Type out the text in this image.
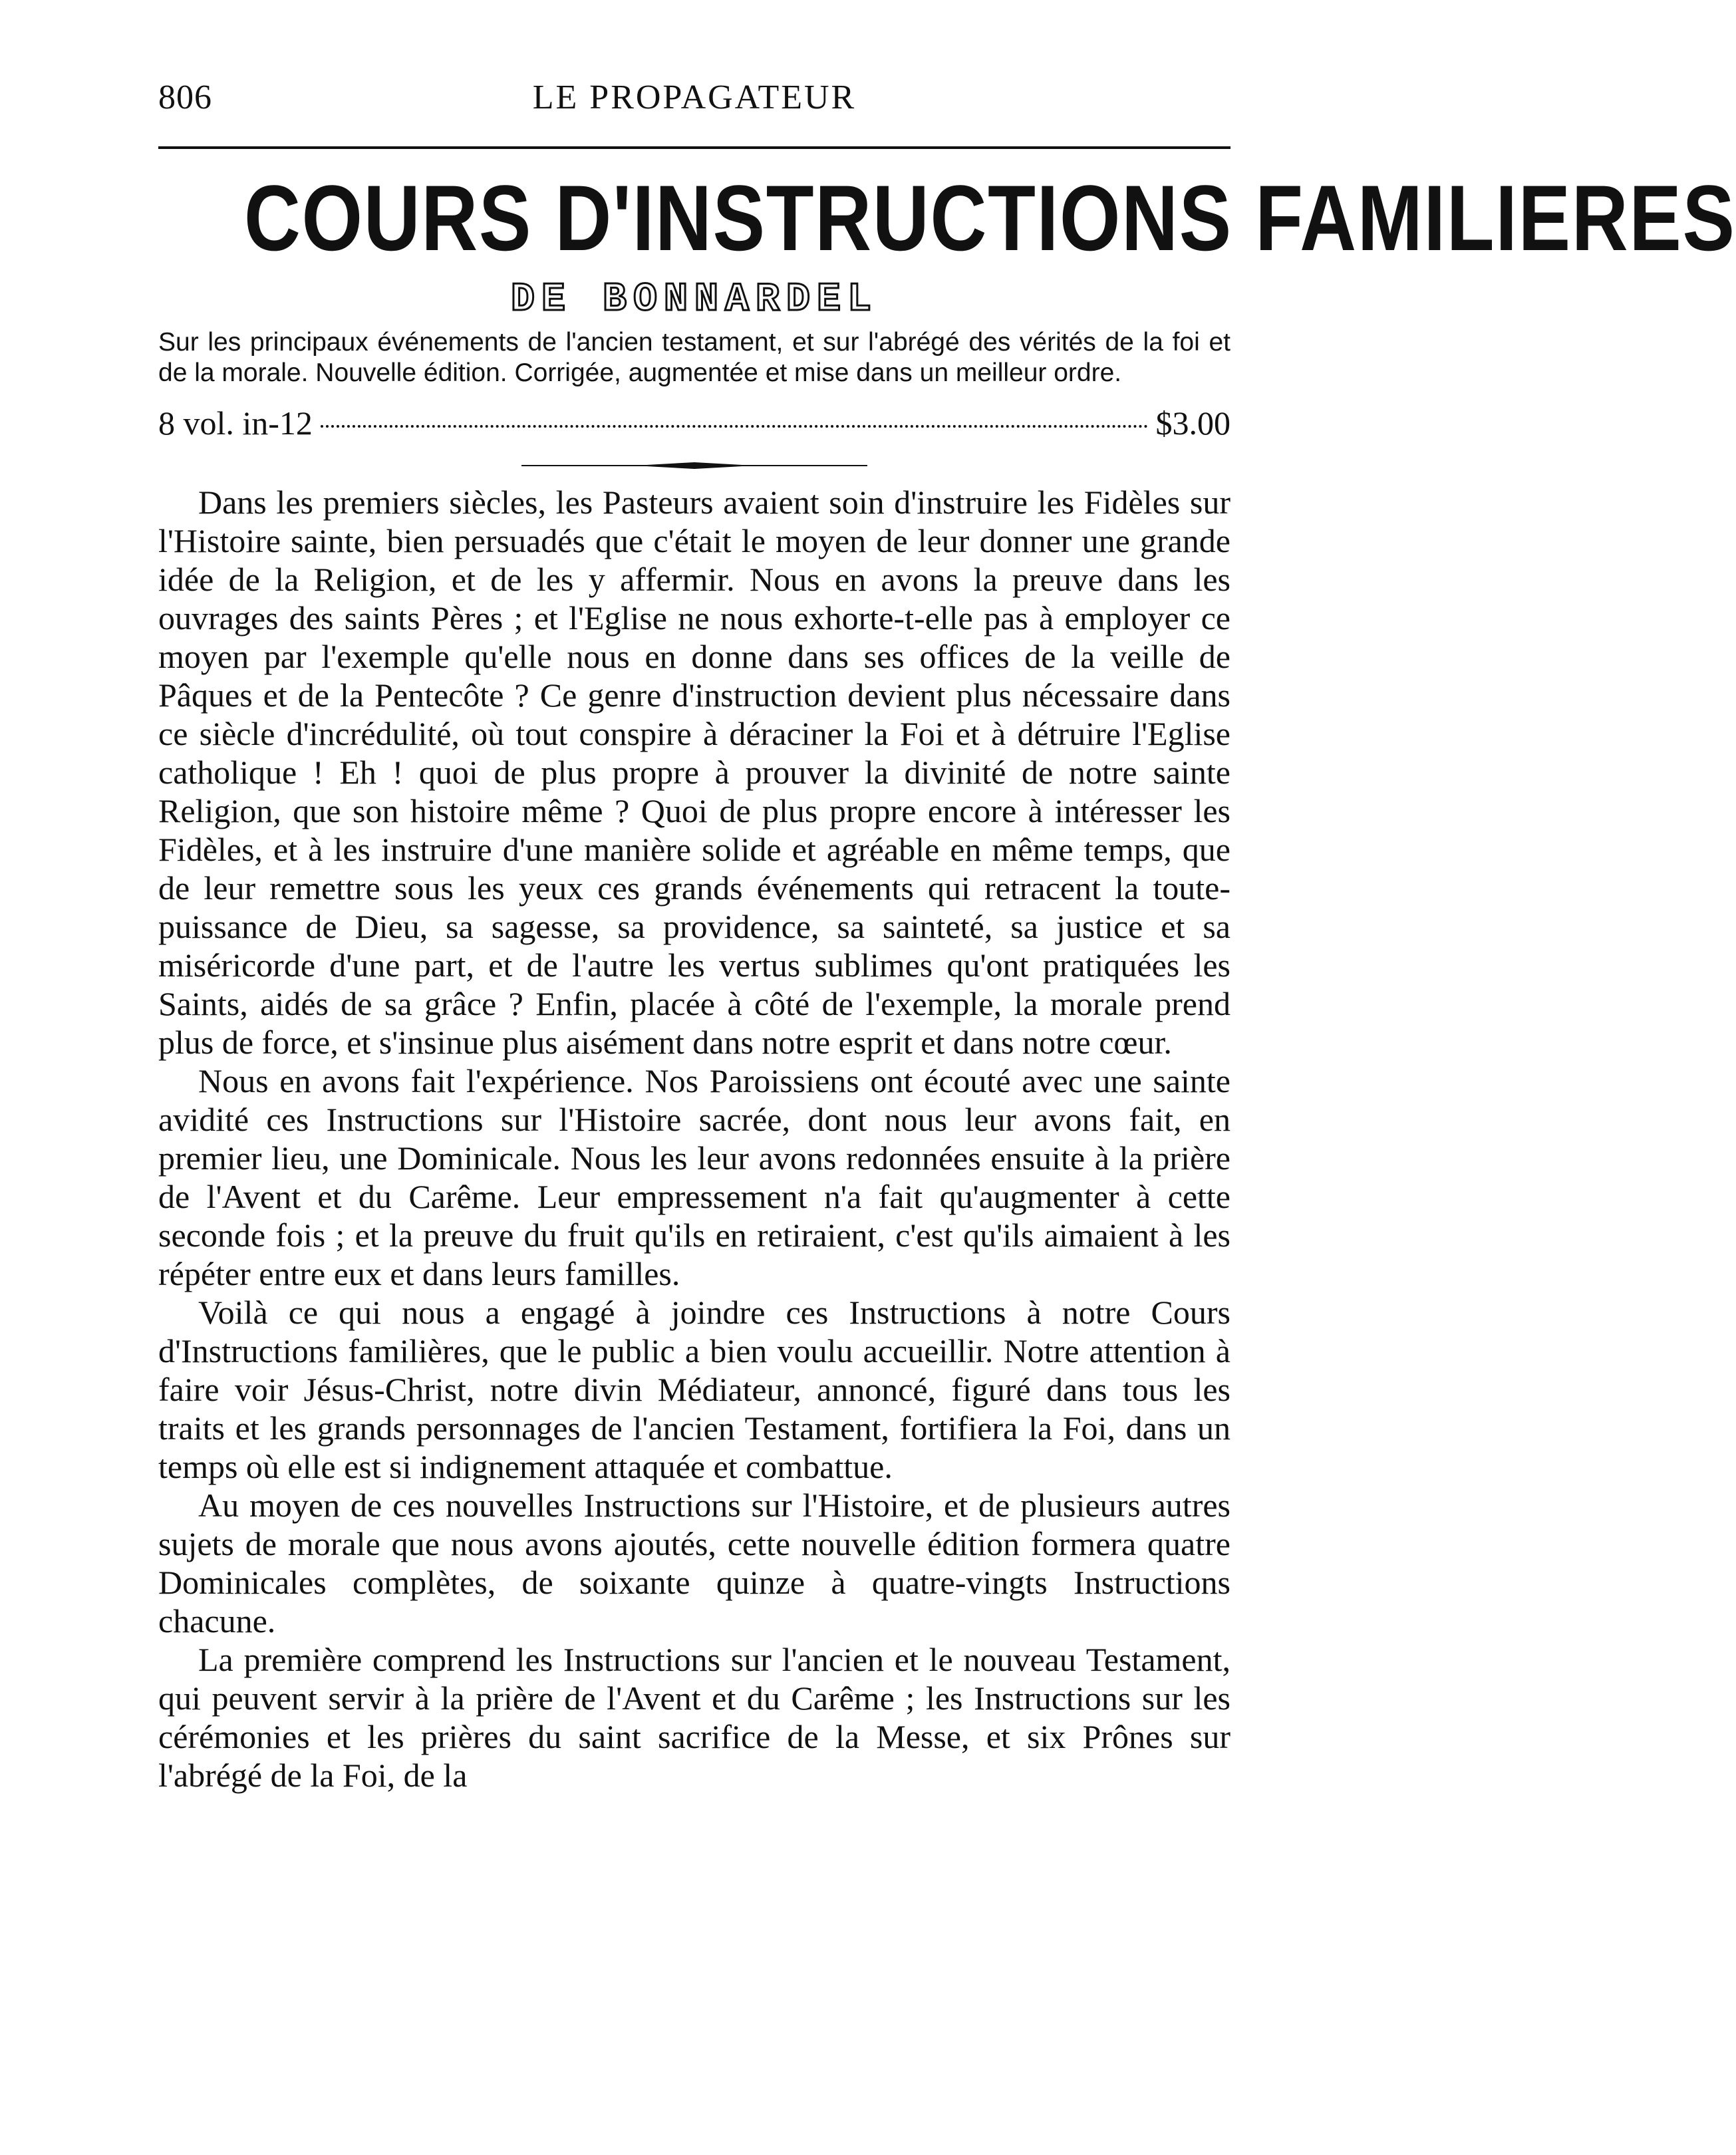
806	LE PROPAGATEUR
COURS D'INSTRUCTIONS FAMILIERES
DE BONNARDEL
Sur les principaux événements de l'ancien testament, et sur l'abrégé des vérités de la foi et de la morale. Nouvelle édition. Corrigée, augmentée et mise dans un meilleur ordre.
8 vol. in-12	$3.00

Dans les premiers siècles, les Pasteurs avaient soin d'instruire les Fidèles sur l'Histoire sainte, bien persuadés que c'était le moyen de leur donner une grande idée de la Religion, et de les y affermir. Nous en avons la preuve dans les ouvrages des saints Pères ; et l'Eglise ne nous exhorte-t-elle pas à employer ce moyen par l'exemple qu'elle nous en donne dans ses offices de la veille de Pâques et de la Pentecôte ? Ce genre d'instruction devient plus nécessaire dans ce siècle d'incrédulité, où tout conspire à déraciner la Foi et à détruire l'Eglise catholique ! Eh ! quoi de plus propre à prouver la divinité de notre sainte Religion, que son histoire même ? Quoi de plus propre encore à intéresser les Fidèles, et à les instruire d'une manière solide et agréable en même temps, que de leur remettre sous les yeux ces grands événements qui retracent la toute-puissance de Dieu, sa sagesse, sa providence, sa sainteté, sa justice et sa miséricorde d'une part, et de l'autre les vertus sublimes qu'ont pratiquées les Saints, aidés de sa grâce ? Enfin, placée à côté de l'exemple, la morale prend plus de force, et s'insinue plus aisément dans notre esprit et dans notre cœur.

Nous en avons fait l'expérience. Nos Paroissiens ont écouté avec une sainte avidité ces Instructions sur l'Histoire sacrée, dont nous leur avons fait, en premier lieu, une Dominicale. Nous les leur avons redonnées ensuite à la prière de l'Avent et du Carême. Leur empressement n'a fait qu'augmenter à cette seconde fois ; et la preuve du fruit qu'ils en retiraient, c'est qu'ils aimaient à les répéter entre eux et dans leurs familles.

Voilà ce qui nous a engagé à joindre ces Instructions à notre Cours d'Instructions familières, que le public a bien voulu accueillir. Notre attention à faire voir Jésus-Christ, notre divin Médiateur, annoncé, figuré dans tous les traits et les grands personnages de l'ancien Testament, fortifiera la Foi, dans un temps où elle est si indignement attaquée et combattue.

Au moyen de ces nouvelles Instructions sur l'Histoire, et de plusieurs autres sujets de morale que nous avons ajoutés, cette nouvelle édition formera quatre Dominicales complètes, de soixante quinze à quatre-vingts Instructions chacune.

La première comprend les Instructions sur l'ancien et le nouveau Testament, qui peuvent servir à la prière de l'Avent et du Carême ; les Instructions sur les cérémonies et les prières du saint sacrifice de la Messe, et six Prônes sur l'abrégé de la Foi, de la
